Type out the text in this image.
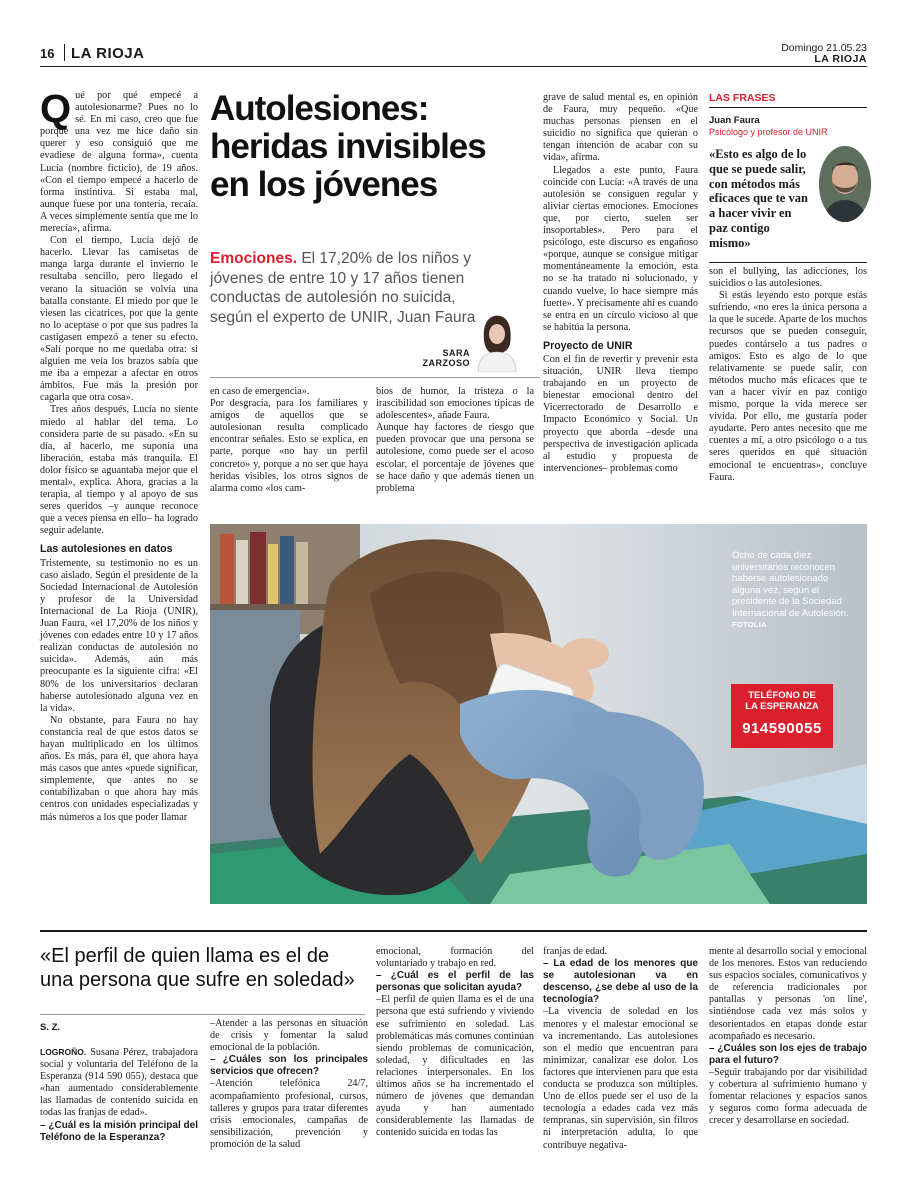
16 LA RIOJA	Domingo 21.05.23
LA RIOJA
Q ué por qué empecé a autolesionarme? Pues no lo sé. En mi caso, creo que fue porque una vez me hice daño sin querer y eso consiguió que me evadiese de alguna forma», cuenta Lucía (nombre ficticio), de 19 años. «Con el tiempo empecé a hacerlo de forma instintiva. Si estaba mal, aunque fuese por una tontería, recaía. A veces simplemente sentía que me lo merecía», afirma.

Con el tiempo, Lucía dejó de hacerlo. Llevar las camisetas de manga larga durante el invierno le resultaba sencillo, pero llegado el verano la situación se volvía una batalla constante. El miedo por que le viesen las cicatrices, por que la gente no lo aceptase o por que sus padres la castigasen empezó a tener su efecto. «Salí porque no me quedaba otra: si alguien me veía los brazos sabía que me iba a empezar a afectar en otros ámbitos. Fue más la presión por cagarla que otra cosa».

Tres años después, Lucía no siente miedo al hablar del tema. Lo considera parte de su pasado. «En su día, al hacerlo, me suponía una liberación, estaba más tranquila. El dolor físico se aguantaba mejor que el mental», explica. Ahora, gracias a la terapia, al tiempo y al apoyo de sus seres queridos –y aunque reconoce que a veces piensa en ello– ha logrado seguir adelante.

Las autolesiones en datos

Tristemente, su testimonio no es un caso aislado. Según el presidente de la Sociedad Internacional de Autolesión y profesor de la Universidad Internacional de La Rioja (UNIR), Juan Faura, «el 17,20% de los niños y jóvenes con edades entre 10 y 17 años realizan conductas de autolesión no suicida». Además, aún más preocupante es la siguiente cifra: «El 80% de los universitarios declaran haberse autolesionado alguna vez en la vida».

No obstante, para Faura no hay constancia real de que estos datos se hayan multiplicado en los últimos años. Es más, para él, que ahora haya más casos que antes «puede significar, simplemente, que antes no se contabilizaban o que ahora hay más centros con unidades especializadas y más números a los que poder llamar

Autolesiones:
heridas invisibles
en los jóvenes
Emociones. El 17,20% de los niños y jóvenes de entre 10 y 17 años tienen conductas de autolesión no suicida, según el experto de UNIR, Juan Faura
SARA
ZARZOSO
en caso de emergencia».
Por desgracia, para los familiares y amigos de aquellos que se autolesionan resulta complicado encontrar señales. Esto se explica, en parte, porque «no hay un perfil concreto» y, porque a no ser que haya heridas visibles, los otros signos de alarma como «los cam-
bios de humor, la tristeza o la irascibilidad son emociones típicas de adolescentes», añade Faura.
Aunque hay factores de riesgo que pueden provocar que una persona se autolesione, como puede ser el acoso escolar, el porcentaje de jóvenes que se hace daño y que además tienen un problema

grave de salud mental es, en opinión de Faura, muy pequeño. «Que muchas personas piensen en el suicidio no significa que quieran o tengan intención de acabar con su vida», afirma.

Llegados a este punto, Faura coincide con Lucía: «A través de una autolesión se consiguen regular y aliviar ciertas emociones. Emociones que, por cierto, suelen ser insoportables». Pero para el psicólogo, este discurso es engañoso «porque, aunque se consigue mitigar momentáneamente la emoción, esta no se ha tratado ni solucionado, y cuando vuelve, lo hace siempre más fuerte». Y precisamente ahí es cuando se entra en un círculo vicioso al que se habitúa la persona.

Proyecto de UNIR

Con el fin de revertir y prevenir esta situación, UNIR lleva tiempo trabajando en un proyecto de bienestar emocional dentro del Vicerrectorado de Desarrollo e Impacto Económico y Social. Un proyecto que aborda –desde una perspectiva de investigación aplicada al estudio y propuesta de intervenciones– problemas como

LAS FRASES
Juan Faura
Psicólogo y profesor de UNIR
«Esto es algo de lo que se puede salir, con métodos más eficaces que te van a hacer vivir en paz contigo mismo»

son el bullying, las adicciones, los suicidios o las autolesiones.

Si estás leyendo esto porque estás sufriendo, «no eres la única persona a la que le sucede. Aparte de los muchos recursos que se pueden conseguir, puedes contárselo a tus padres o amigos. Esto es algo de lo que relativamente se puede salir, con métodos mucho más eficaces que te van a hacer vivir en paz contigo mismo, porque la vida merece ser vivida. Por ello, me gustaría poder ayudarte. Pero antes necesito que me cuentes a mí, a otro psicólogo o a tus seres queridos en qué situación emocional te encuentras», concluye Faura.

Ocho de cada diez universitarios reconocen haberse autolesionado alguna vez, según el presidente de la Sociedad Internacional de Autolesión. FOTOLIA
TELÉFONO DE
LA ESPERANZA
914590055
«El perfil de quien llama es el de una persona que sufre en soledad»
S. Z.

LOGROÑO. Susana Pérez, trabajadora social y voluntaria del Teléfono de la Esperanza (914 590 055), destaca que «han aumentado considerablemente las llamadas de contenido suicida en todas las franjas de edad».

– ¿Cuál es la misión principal del Teléfono de la Esperanza?

–Atender a las personas en situación de crisis y fomentar la salud emocional de la población.

– ¿Cuáles son los principales servicios que ofrecen?

–Atención telefónica 24/7, acompañamiento profesional, cursos, talleres y grupos para tratar diferentes crisis emocionales, campañas de sensibilización, prevención y promoción de la salud

emocional, formación del voluntariado y trabajo en red.

– ¿Cuál es el perfil de las personas que solicitan ayuda?

–El perfil de quien llama es el de una persona que está sufriendo y viviendo ese sufrimiento en soledad. Las problemáticas más comunes continúan siendo problemas de comunicación, soledad, y dificultades en las relaciones interpersonales. En los últimos años se ha incrementado el número de jóvenes que demandan ayuda y han aumentado considerablemente las llamadas de contenido suicida en todas las

franjas de edad.

– La edad de los menores que se autolesionan va en descenso, ¿se debe al uso de la tecnología?

–La vivencia de soledad en los menores y el malestar emocional se va incrementando. Las autolesiones son el medio que encuentran para minimizar, canalizar ese dolor. Los factores que intervienen para que esta conducta se produzca son múltiples. Uno de ellos puede ser el uso de la tecnología a edades cada vez más tempranas, sin supervisión, sin filtros ni interpretación adulta, lo que contribuye negativa-

mente al desarrollo social y emocional de los menores. Estos van reduciendo sus espacios sociales, comunicativos y de referencia tradicionales por pantallas y personas 'on line', sintiéndose cada vez más solos y desorientados en etapas donde estar acompañado es necesario.

– ¿Cuáles son los ejes de trabajo para el futuro?

–Seguir trabajando por dar visibilidad y cobertura al sufrimiento humano y fomentar relaciones y espacios sanos y seguros como forma adecuada de crecer y desarrollarse en sociedad.
